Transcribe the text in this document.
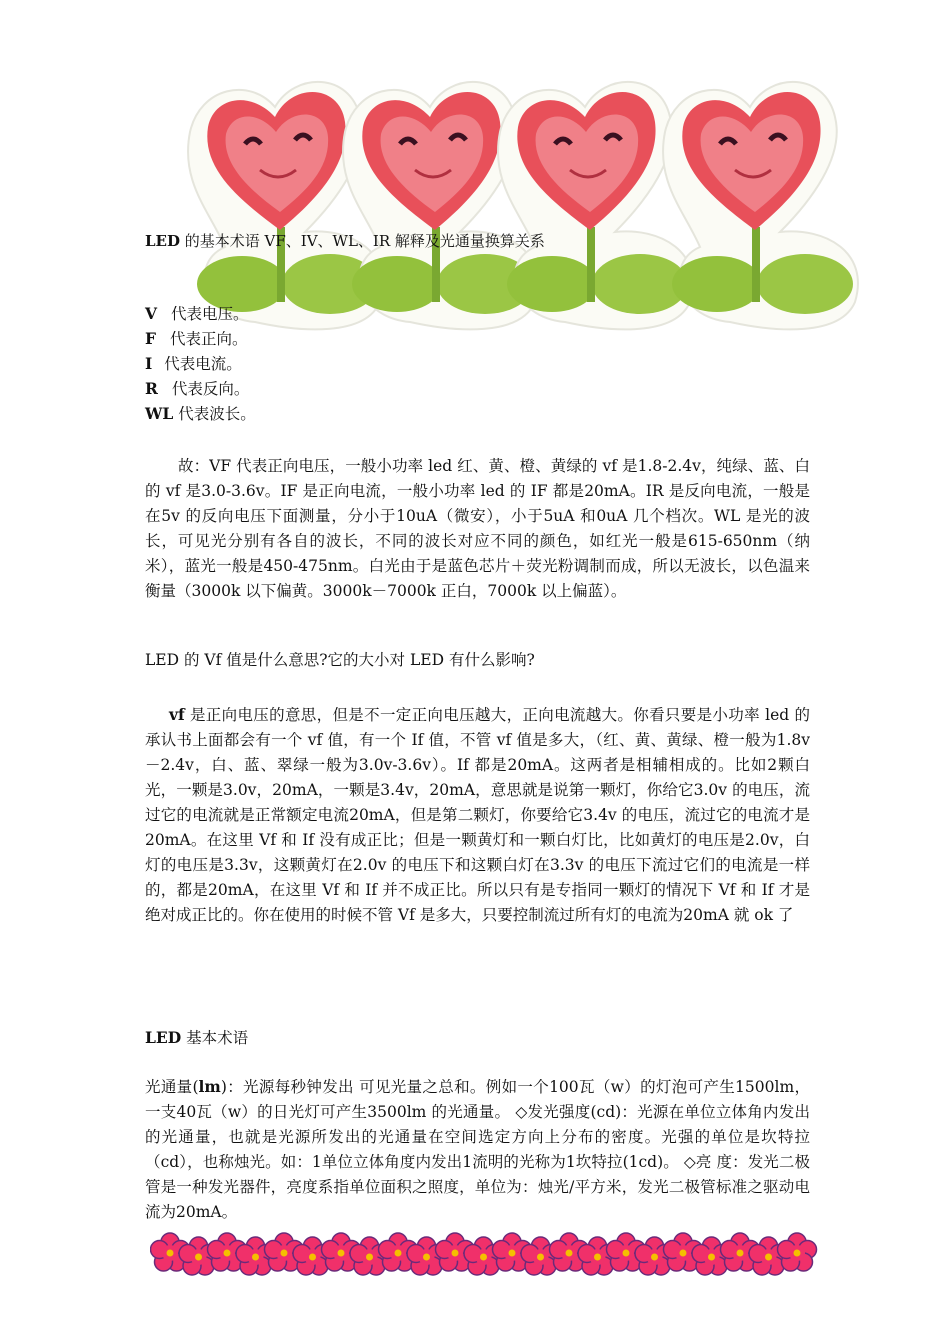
LED 的基本术语 VF、IV、WL、IR 解释及光通量换算关系
V 代表电压。
F 代表正向。
I 代表电流。
R 代表反向。
WL 代表波长。

故：VF 代表正向电压，一般小功率 led 红、黄、橙、黄绿的 vf 是1.8-2.4v，纯绿、蓝、白的 vf 是3.0-3.6v。IF 是正向电流，一般小功率 led 的 IF 都是20mA。IR 是反向电流，一般是在5v 的反向电压下面测量，分小于10uA（微安），小于5uA 和0uA 几个档次。WL 是光的波长，可见光分别有各自的波长，不同的波长对应不同的颜色，如红光一般是615-650nm（纳米），蓝光一般是450-475nm。白光由于是蓝色芯片＋荧光粉调制而成，所以无波长，以色温来衡量（3000k 以下偏黄。3000k－7000k 正白，7000k 以上偏蓝）。

LED 的 Vf 值是什么意思?它的大小对 LED 有什么影响?

vf 是正向电压的意思，但是不一定正向电压越大，正向电流越大。你看只要是小功率 led 的承认书上面都会有一个 vf 值，有一个 If 值，不管 vf 值是多大，（红、黄、黄绿、橙一般为1.8v－2.4v，白、蓝、翠绿一般为3.0v-3.6v）。If 都是20mA。这两者是相辅相成的。比如2颗白光，一颗是3.0v，20mA，一颗是3.4v，20mA，意思就是说第一颗灯，你给它3.0v 的电压，流过它的电流就是正常额定电流20mA，但是第二颗灯，你要给它3.4v 的电压，流过它的电流才是20mA。在这里 Vf 和 If 没有成正比；但是一颗黄灯和一颗白灯比，比如黄灯的电压是2.0v，白灯的电压是3.3v，这颗黄灯在2.0v 的电压下和这颗白灯在3.3v 的电压下流过它们的电流是一样的，都是20mA，在这里 Vf 和 If 并不成正比。所以只有是专指同一颗灯的情况下 Vf 和 If 才是绝对成正比的。你在使用的时候不管 Vf 是多大，只要控制流过所有灯的电流为20mA 就 ok 了

LED 基本术语

光通量(lm)：光源每秒钟发出 可见光量之总和。例如一个100瓦（w）的灯泡可产生1500lm，一支40瓦（w）的日光灯可产生3500lm 的光通量。 ◇发光强度(cd)：光源在单位立体角内发出的光通量，也就是光源所发出的光通量在空间选定方向上分布的密度。光强的单位是坎特拉（cd），也称烛光。如：1单位立体角度内发出1流明的光称为1坎特拉(1cd)。 ◇亮 度：发光二极管是一种发光器件，亮度系指单位面积之照度，单位为：烛光/平方米，发光二极管标准之驱动电流为20mA。
